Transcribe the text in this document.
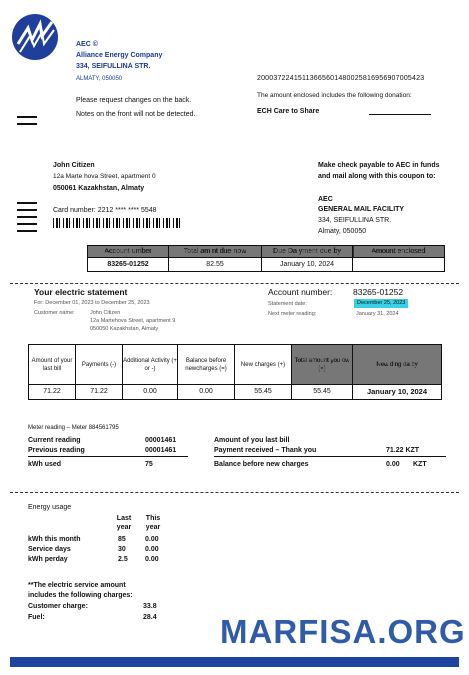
AEC ©
Alliance Energy Company
334, SEIFULLINA STR.
ALMATY, 050050
Please request changes on the back.
Notes on the front will not be detected.
20003722415113665601480025816956907005423
The amount enclosed includes the following donation:
ECH Care to Share
John Citizen
12a Marte hova Street, apartment 0
050061 Kazakhstan, Almaty
Card number: 2212 **** **** 5548
Make check payable to AEC in funds
and mail along with this coupon to:
AEC
GENERAL MAIL FACILITY
334, SEIFULLINA STR.
Almaty, 050050
Account umber	Total am nt due now	Due Da yment due by	Amount enclosed
83265-01252	82.55	January 10, 2024	
Your electric statement
For: December 01, 2023 to December 25, 2023
Customer name:	John Citizen
12a Martehova Street, apartment 9
050050 Kazakhstan, Almaty
Account number: 83265-01252
Statement date:	December 25, 2023
Next meter reading:	January 31, 2024
Amount of your last bill	Payments (-)	Additional Activity (+ or -)	Balance before newcharges (=)	New charges (+)	Total amount you ow (=)	New ding da by
71.22	71.22	0.00	0.00	55.45	55.45	January 10, 2024
Meter reading – Meter 884561795
Current reading	00001461
Previous reading	00001461
kWh used	75
Amount of you last bill
Payment received – Thank you	71.22 KZT
Balance before new charges	0.00 KZT
Energy usage
Last year
This year
kWh this month	85	0.00
Service days	30	0.00
kWh perday	2.5 0.00
**The electric service amount
includes the following charges:
Customer charge:	33.8
Fuel:	28.4 MARFISA.ORG
